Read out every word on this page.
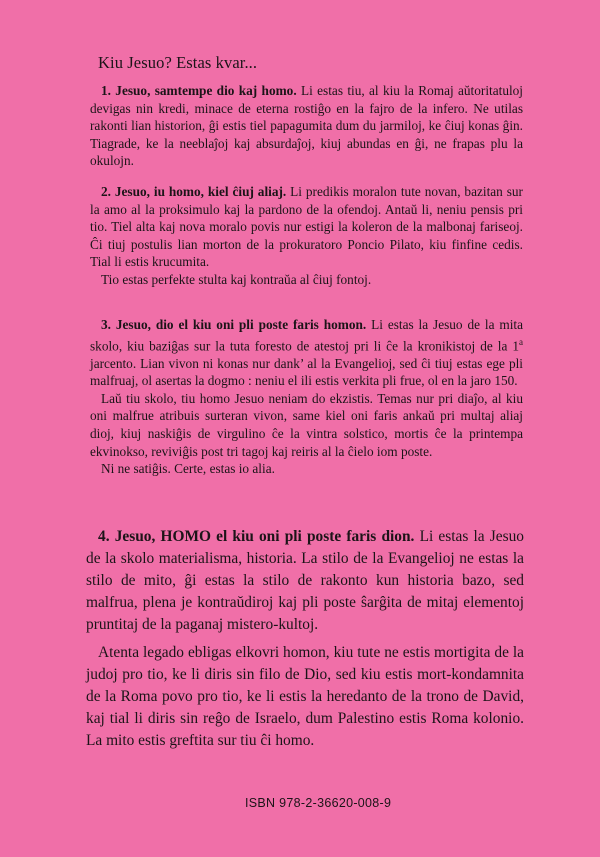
Kiu Jesuo? Estas kvar...

1. Jesuo, samtempe dio kaj homo. Li estas tiu, al kiu la Romaj aŭtoritatuloj devigas nin kredi, minace de eterna rostiĝo en la fajro de la infero. Ne utilas rakonti lian historion, ĝi estis tiel papagumita dum du jarmiloj, ke ĉiuj konas ĝin. Tiagrade, ke la neeblaĵoj kaj absurdaĵoj, kiuj abundas en ĝi, ne frapas plu la okulojn.

2. Jesuo, iu homo, kiel ĉiuj aliaj. Li predikis moralon tute novan, bazitan sur la amo al la proksimulo kaj la pardono de la ofendoj. Antaŭ li, neniu pensis pri tio. Tiel alta kaj nova moralo povis nur estigi la koleron de la malbonaj fariseoj. Ĉi tiuj postulis lian morton de la prokuratoro Poncio Pilato, kiu finfine cedis. Tial li estis krucumita.

Tio estas perfekte stulta kaj kontraŭa al ĉiuj fontoj.

3. Jesuo, dio el kiu oni pli poste faris homon. Li estas la Jesuo de la mita skolo, kiu baziĝas sur la tuta foresto de atestoj pri li ĉe la kronikistoj de la 1$^a$ jarcento. Lian vivon ni konas nur dank’ al la Evangelioj, sed ĉi tiuj estas ege pli malfruaj, ol asertas la dogmo : neniu el ili estis verkita pli frue, ol en la jaro 150.

Laŭ tiu skolo, tiu homo Jesuo neniam do ekzistis. Temas nur pri diaĵo, al kiu oni malfrue atribuis surteran vivon, same kiel oni faris ankaŭ pri multaj aliaj dioj, kiuj naskiĝis de virgulino ĉe la vintra solstico, mortis ĉe la printempa ekvinokso, reviviĝis post tri tagoj kaj reiris al la ĉielo iom poste.

Ni ne satiĝis. Certe, estas io alia.

4. Jesuo, HOMO el kiu oni pli poste faris dion. Li estas la Jesuo de la skolo materialisma, historia. La stilo de la Evangelioj ne estas la stilo de mito, ĝi estas la stilo de rakonto kun historia bazo, sed malfrua, plena je kontraŭdiroj kaj pli poste ŝarĝita de mitaj elementoj pruntitaj de la paganaj mistero-kultoj.

Atenta legado ebligas elkovri homon, kiu tute ne estis mortigita de la judoj pro tio, ke li diris sin filo de Dio, sed kiu estis mort-kondamnita de la Roma povo pro tio, ke li estis la heredanto de la trono de David, kaj tial li diris sin reĝo de Israelo, dum Palestino estis Roma kolonio. La mito estis greftita sur tiu ĉi homo.

ISBN 978-2-36620-008-9
